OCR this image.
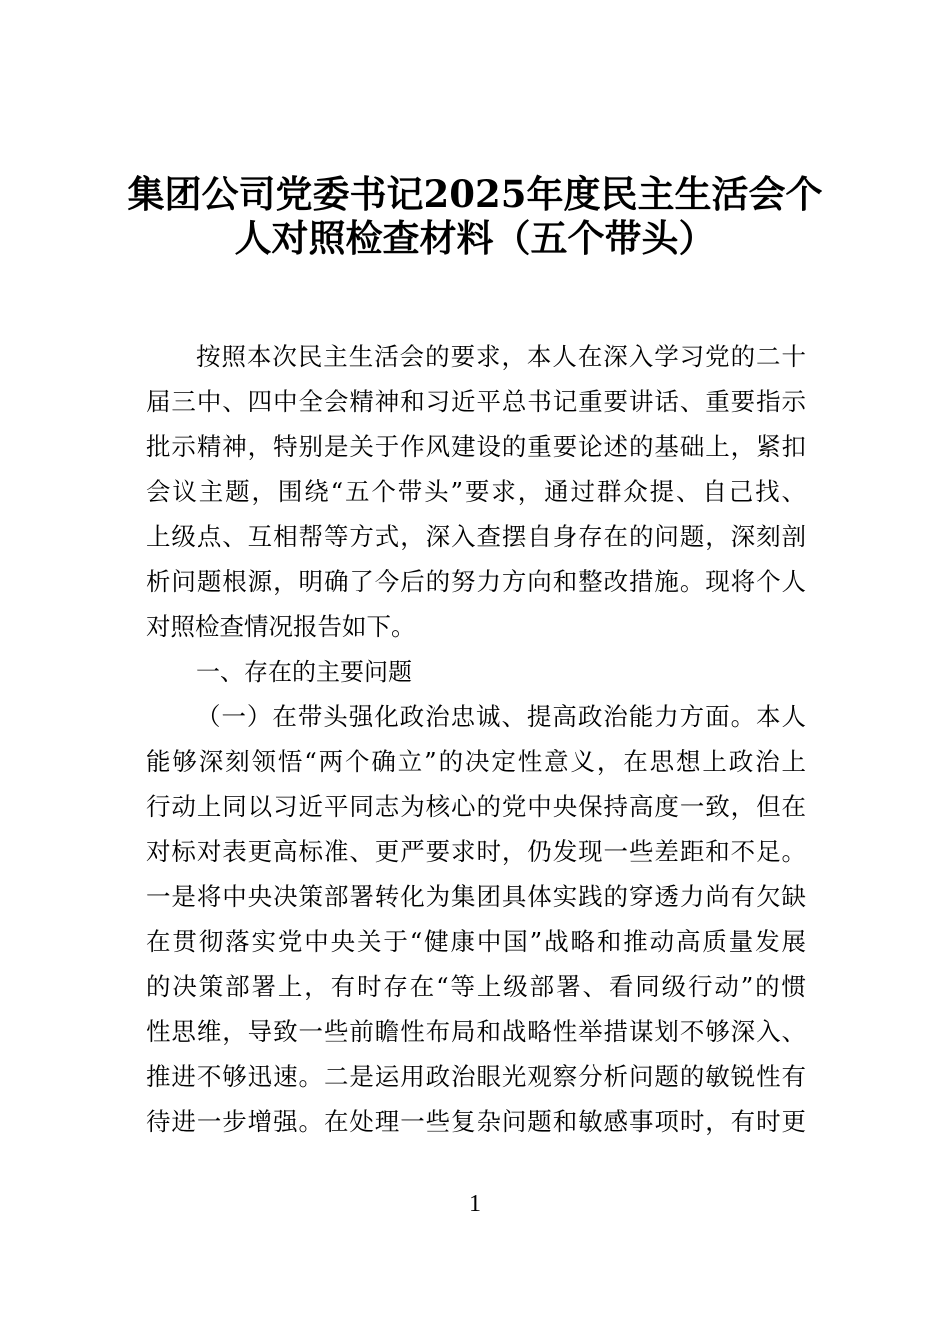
集团公司党委书记2025年度民主生活会个
人对照检查材料（五个带头）
按照本次民主生活会的要求，本人在深入学习党的二十
届三中、四中全会精神和习近平总书记重要讲话、重要指示
批示精神，特别是关于作风建设的重要论述的基础上，紧扣
会议主题，围绕“五个带头”要求，通过群众提、自己找、
上级点、互相帮等方式，深入查摆自身存在的问题，深刻剖
析问题根源，明确了今后的努力方向和整改措施。现将个人
对照检查情况报告如下。
一、存在的主要问题
（一）在带头强化政治忠诚、提高政治能力方面。本人
能够深刻领悟“两个确立”的决定性意义，在思想上政治上
行动上同以习近平同志为核心的党中央保持高度一致，但在
对标对表更高标准、更严要求时，仍发现一些差距和不足。
一是将中央决策部署转化为集团具体实践的穿透力尚有欠缺
在贯彻落实党中央关于“健康中国”战略和推动高质量发展
的决策部署上，有时存在“等上级部署、看同级行动”的惯
性思维，导致一些前瞻性布局和战略性举措谋划不够深入、
推进不够迅速。二是运用政治眼光观察分析问题的敏锐性有
待进一步增强。在处理一些复杂问题和敏感事项时，有时更
1
